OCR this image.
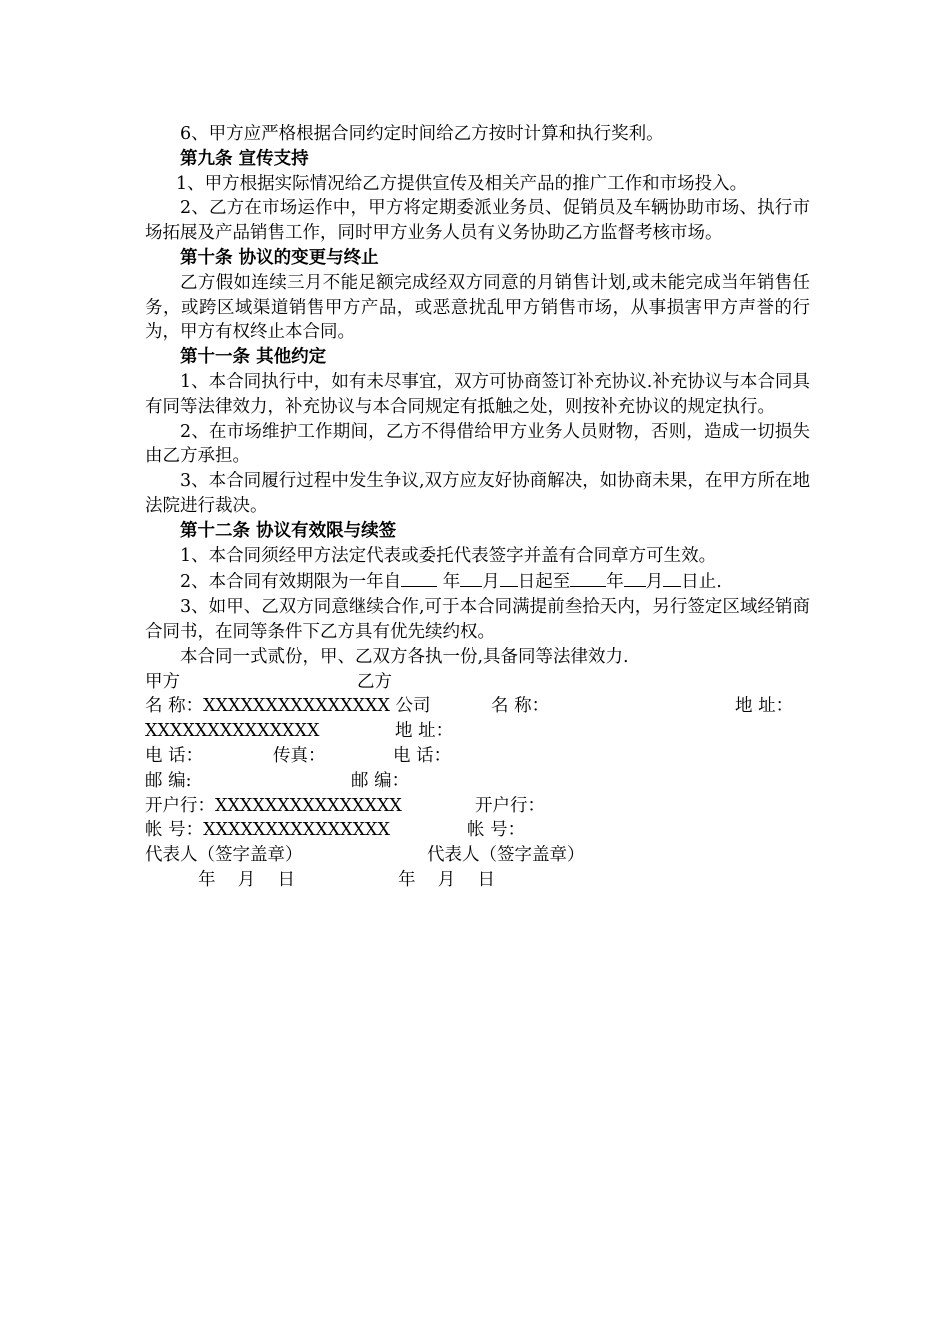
6、甲方应严格根据合同约定时间给乙方按时计算和执行奖利。

第九条 宣传支持

1、甲方根据实际情况给乙方提供宣传及相关产品的推广工作和市场投入。

2、乙方在市场运作中，甲方将定期委派业务员、促销员及车辆协助市场、执行市场拓展及产品销售工作，同时甲方业务人员有义务协助乙方监督考核市场。

第十条 协议的变更与终止

乙方假如连续三月不能足额完成经双方同意的月销售计划,或未能完成当年销售任务，或跨区域渠道销售甲方产品，或恶意扰乱甲方销售市场，从事损害甲方声誉的行为，甲方有权终止本合同。

第十一条 其他约定

1、本合同执行中，如有未尽事宜，双方可协商签订补充协议.补充协议与本合同具有同等法律效力，补充协议与本合同规定有抵触之处，则按补充协议的规定执行。

2、在市场维护工作期间，乙方不得借给甲方业务人员财物，否则，造成一切损失由乙方承担。

3、本合同履行过程中发生争议,双方应友好协商解决，如协商未果，在甲方所在地法院进行裁决。

第十二条 协议有效限与续签

1、本合同须经甲方法定代表或委托代表签字并盖有合同章方可生效。

2、本合同有效期限为一年自 年 月 日起至 年 月 日止.

3、如甲、乙双方同意继续合作,可于本合同满提前叁拾天内，另行签定区域经销商合同书，在同等条件下乙方具有优先续约权。

本合同一式贰份，甲、乙双方各执一份,具备同等法律效力.

甲方	乙方
名 称：XXXXXXXXXXXXXXX 公司	名 称：	地 址：
XXXXXXXXXXXXXX	地 址：
电 话：	传真：	电 话：
邮 编:	邮 编：
开户行：XXXXXXXXXXXXXXX	开户行：
帐 号：XXXXXXXXXXXXXXX	帐 号：
代表人（签字盖章）	代表人（签字盖章）
年    月    日	年    月    日
